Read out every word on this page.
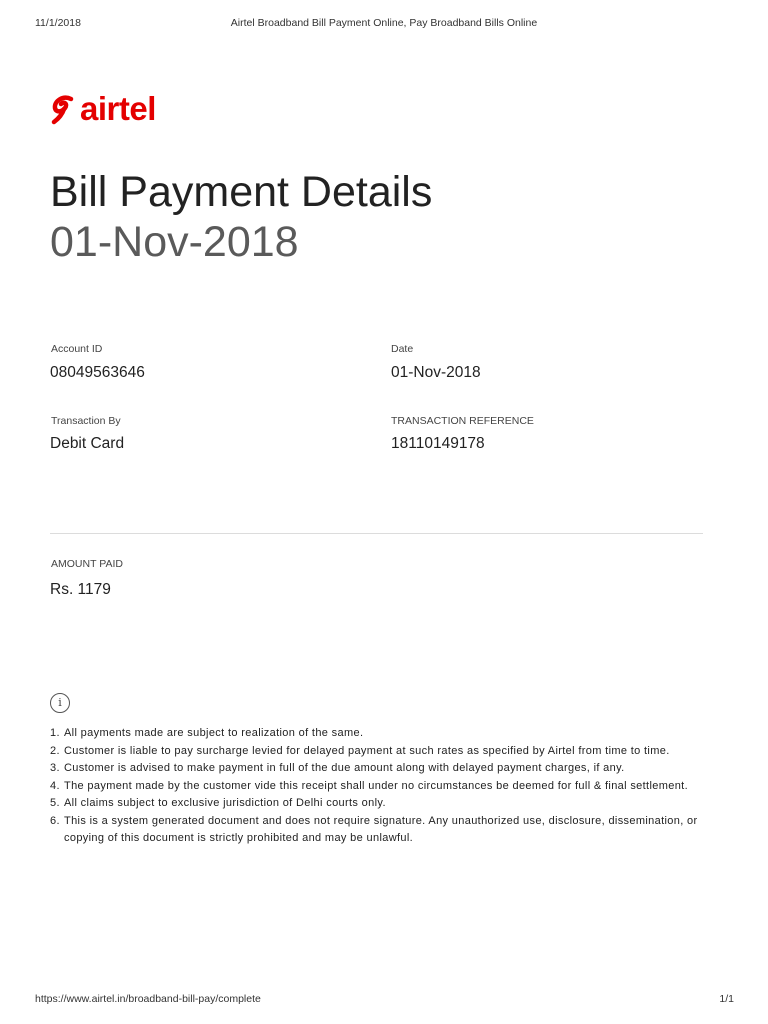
11/1/2018	Airtel Broadband Bill Payment Online, Pay Broadband Bills Online
airtel
Bill Payment Details
01-Nov-2018
Account ID
08049563646
Date
01-Nov-2018
Transaction By
Debit Card
TRANSACTION REFERENCE
18110149178
AMOUNT PAID
Rs. 1179
i
1. All payments made are subject to realization of the same.
2. Customer is liable to pay surcharge levied for delayed payment at such rates as specified by Airtel from time to time.
3. Customer is advised to make payment in full of the due amount along with delayed payment charges, if any.
4. The payment made by the customer vide this receipt shall under no circumstances be deemed for full & final settlement.
5. All claims subject to exclusive jurisdiction of Delhi courts only.
6. This is a system generated document and does not require signature. Any unauthorized use, disclosure, dissemination, or copying of this document is strictly prohibited and may be unlawful.
https://www.airtel.in/broadband-bill-pay/complete	1/1
